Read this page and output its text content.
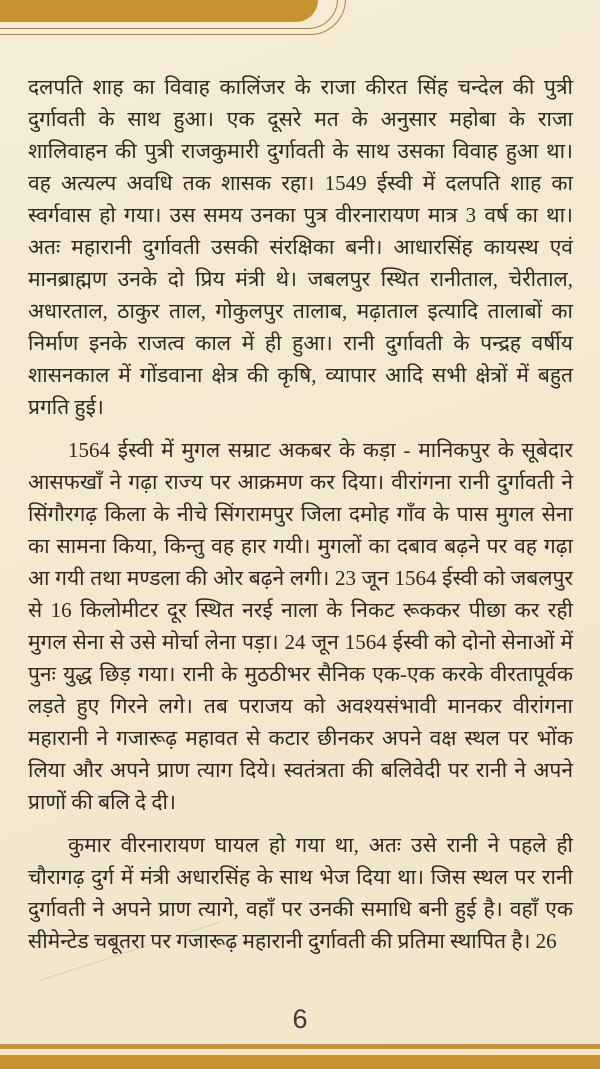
दलपति शाह का विवाह कालिंजर के राजा कीरत सिंह चन्देल की पुत्री दुर्गावती के साथ हुआ। एक दूसरे मत के अनुसार महोबा के राजा शालिवाहन की पुत्री राजकुमारी दुर्गावती के साथ उसका विवाह हुआ था। वह अत्यल्प अवधि तक शासक रहा। 1549 ईस्वी में दलपति शाह का स्वर्गवास हो गया। उस समय उनका पुत्र वीरनारायण मात्र 3 वर्ष का था। अतः महारानी दुर्गावती उसकी संरक्षिका बनी। आधारसिंह कायस्थ एवं मानब्राह्मण उनके दो प्रिय मंत्री थे। जबलपुर स्थित रानीताल, चेरीताल, अधारताल, ठाकुर ताल, गोकुलपुर तालाब, मढ़ाताल इत्यादि तालाबों का निर्माण इनके राजत्व काल में ही हुआ। रानी दुर्गावती के पन्द्रह वर्षीय शासनकाल में गोंडवाना क्षेत्र की कृषि, व्यापार आदि सभी क्षेत्रों में बहुत प्रगति हुई।

1564 ईस्वी में मुगल सम्राट अकबर के कड़ा - मानिकपुर के सूबेदार आसफखाँ ने गढ़ा राज्य पर आक्रमण कर दिया। वीरांगना रानी दुर्गावती ने सिंगौरगढ़ किला के नीचे सिंगरामपुर जिला दमोह गाँव के पास मुगल सेना का सामना किया, किन्तु वह हार गयी। मुगलों का दबाव बढ़ने पर वह गढ़ा आ गयी तथा मण्डला की ओर बढ़ने लगी। 23 जून 1564 ईस्वी को जबलपुर से 16 किलोमीटर दूर स्थित नरई नाला के निकट रूककर पीछा कर रही मुगल सेना से उसे मोर्चा लेना पड़ा। 24 जून 1564 ईस्वी को दोनो सेनाओं में पुनः युद्ध छिड़ गया। रानी के मुठठीभर सैनिक एक-एक करके वीरतापूर्वक लड़ते हुए गिरने लगे। तब पराजय को अवश्यसंभावी मानकर वीरांगना महारानी ने गजारूढ़ महावत से कटार छीनकर अपने वक्ष स्थल पर भोंक लिया और अपने प्राण त्याग दिये। स्वतंत्रता की बलिवेदी पर रानी ने अपने प्राणों की बलि दे दी।

कुमार वीरनारायण घायल हो गया था, अतः उसे रानी ने पहले ही चौरागढ़ दुर्ग में मंत्री अधारसिंह के साथ भेज दिया था। जिस स्थल पर रानी दुर्गावती ने अपने प्राण त्यागे, वहाँ पर उनकी समाधि बनी हुई है। वहाँ एक सीमेन्टेड चबूतरा पर गजारूढ़ महारानी दुर्गावती की प्रतिमा स्थापित है। 26

6
